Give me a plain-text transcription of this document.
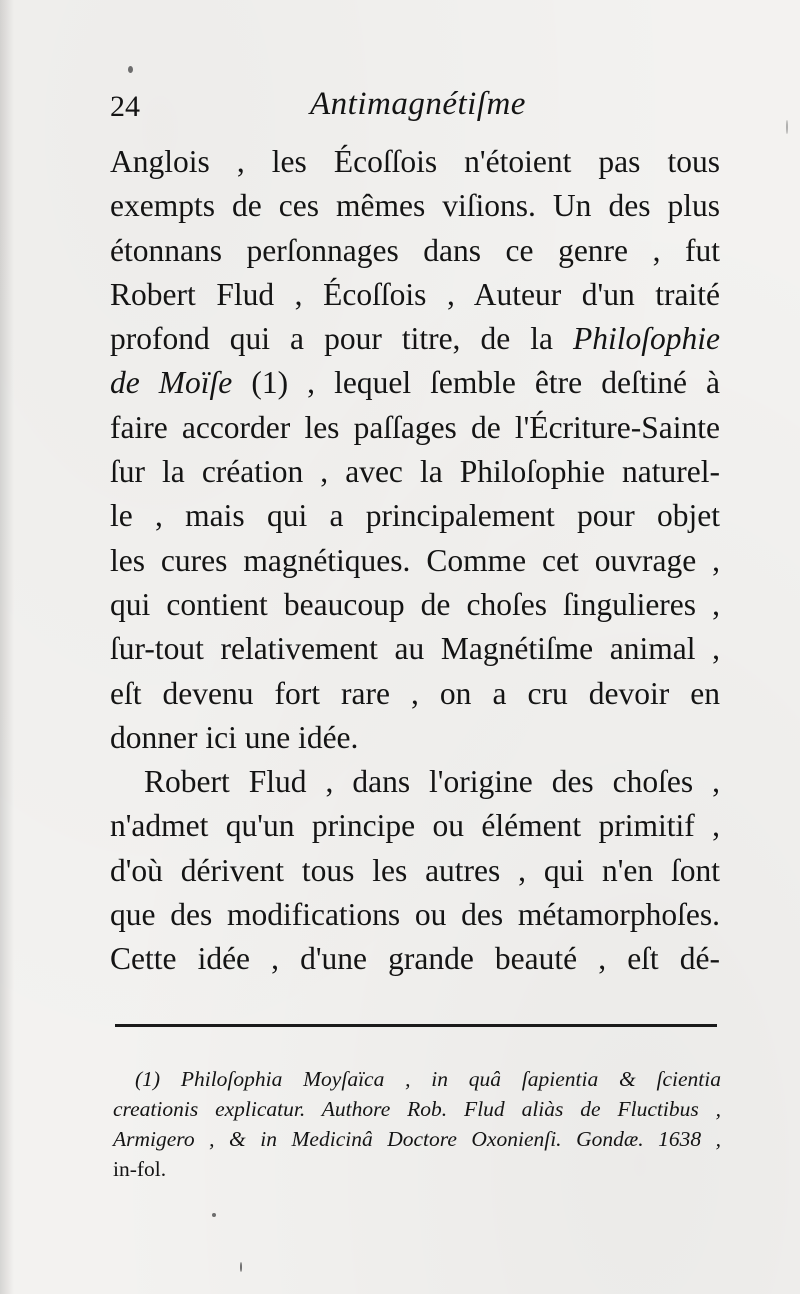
24	Antimagnétiſme
Anglois , les Écoſſois n'étoient pas tous
exempts de ces mêmes viſions. Un des plus
étonnans perſonnages dans ce genre , fut
Robert Flud , Écoſſois , Auteur d'un traité
profond qui a pour titre, de la Philoſophie
de Moïſe (1) , lequel ſemble être deſtiné à
faire accorder les paſſages de l'Écriture-Sainte
ſur la création , avec la Philoſophie naturel-
le , mais qui a principalement pour objet
les cures magnétiques. Comme cet ouvrage ,
qui contient beaucoup de choſes ſingulieres ,
ſur-tout relativement au Magnétiſme animal ,
eſt devenu fort rare , on a cru devoir en
donner ici une idée.
Robert Flud , dans l'origine des choſes ,
n'admet qu'un principe ou élément primitif ,
d'où dérivent tous les autres , qui n'en ſont
que des modifications ou des métamorphoſes.
Cette idée , d'une grande beauté , eſt dé-
(1) Philoſophia Moyſaïca , in quâ ſapientia & ſcientia
creationis explicatur. Authore Rob. Flud aliàs de Fluctibus ,
Armigero , & in Medicinâ Doctore Oxonienſi. Gondæ. 1638 ,
in-fol.
